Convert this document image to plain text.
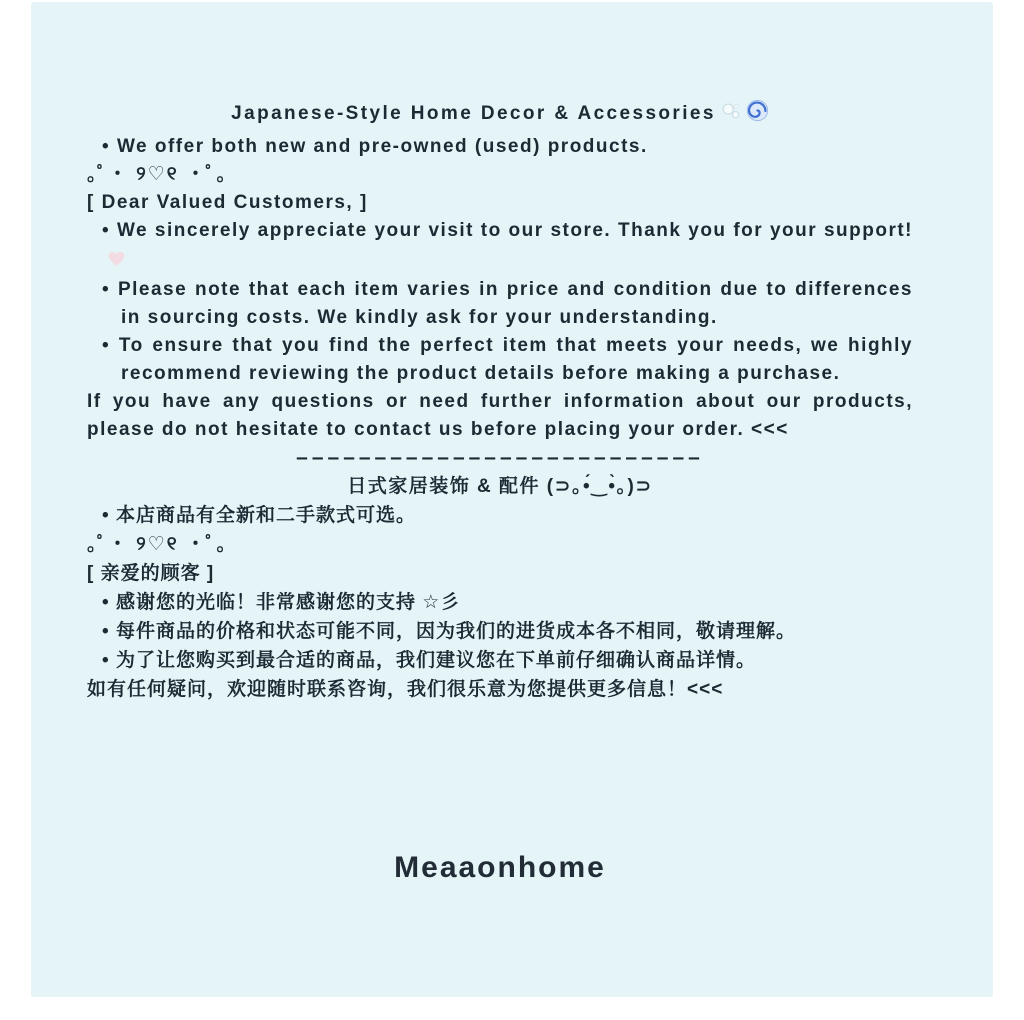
Japanese-Style Home Decor & Accessories
• We offer both new and pre-owned (used) products.

｡ﾟ・ ୨♡୧ ・ﾟ｡

[ Dear Valued Customers, ]

• We sincerely appreciate your visit to our store. Thank you for your support!
• Please note that each item varies in price and condition due to differences in sourcing costs. We kindly ask for your understanding.
• To ensure that you find the perfect item that meets your needs, we highly recommend reviewing the product details before making a purchase.

If you have any questions or need further information about our products, please do not hesitate to contact us before placing your order. <<<

––––––––––––––––––––––––––

日式家居装饰 & 配件 (⊃｡•́‿•̀｡)⊃

• 本店商品有全新和二手款式可选。

｡ﾟ・ ୨♡୧ ・ﾟ｡

[ 亲爱的顾客 ]

• 感谢您的光临！非常感谢您的支持 ☆彡
• 每件商品的价格和状态可能不同，因为我们的进货成本各不相同，敬请理解。
• 为了让您购买到最合适的商品，我们建议您在下单前仔细确认商品详情。

如有任何疑问，欢迎随时联系咨询，我们很乐意为您提供更多信息！<<<

Meaaonhome
